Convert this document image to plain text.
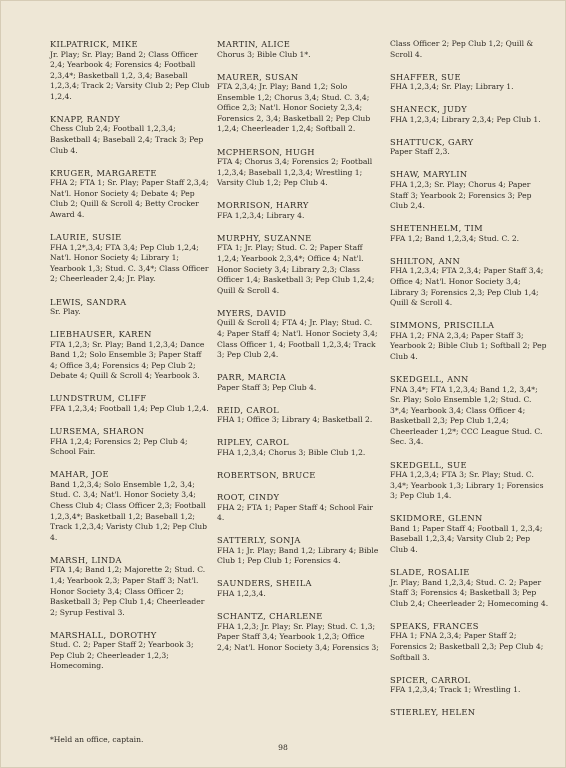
KILPATRICK, MIKE
Jr. Play; Sr. Play; Band 2; Class Officer 2,4; Yearbook 4; Forensics 4; Football 2,3,4*; Basketball 1,2, 3,4; Baseball 1,2,3,4; Track 2; Varsity Club 2; Pep Club 1,2,4.
KNAPP, RANDY
Chess Club 2,4; Football 1,2,3,4; Basketball 4; Baseball 2,4; Track 3; Pep Club 4.
KRUGER, MARGARETE
FHA 2; FTA 1; Sr. Play; Paper Staff 2,3,4; Nat'l. Honor Society 4; Debate 4; Pep Club 2; Quill & Scroll 4; Betty Crocker Award 4.
LAURIE, SUSIE
FHA 1,2*,3,4; FTA 3,4; Pep Club 1,2,4; Nat'l. Honor Society 4; Library 1; Yearbook 1,3; Stud. C. 3,4*; Class Officer 2; Cheerleader 2,4; Jr. Play.
LEWIS, SANDRA
Sr. Play.
LIEBHAUSER, KAREN
FTA 1,2,3; Sr. Play; Band 1,2,3,4; Dance Band 1,2; Solo Ensemble 3; Paper Staff 4; Office 3,4; Forensics 4; Pep Club 2; Debate 4; Quill & Scroll 4; Yearbook 3.
LUNDSTRUM, CLIFF
FFA 1,2,3,4; Football 1,4; Pep Club 1,2,4.
LURSEMA, SHARON
FHA 1,2,4; Forensics 2; Pep Club 4; School Fair.
MAHAR, JOE
Band 1,2,3,4; Solo Ensemble 1,2, 3,4; Stud. C. 3,4; Nat'l. Honor Society 3,4; Chess Club 4; Class Officer 2,3; Football 1,2,3,4*; Basketball 1,2; Baseball 1,2; Track 1,2,3,4; Varisty Club 1,2; Pep Club 4.
MARSH, LINDA
FTA 1,4; Band 1,2; Majorette 2; Stud. C. 1,4; Yearbook 2,3; Paper Staff 3; Nat'l. Honor Society 3,4; Class Officer 2; Basketball 3; Pep Club 1,4; Cheerleader 2; Syrup Festival 3.
MARSHALL, DOROTHY
Stud. C. 2; Paper Staff 2; Yearbook 3; Pep Club 2; Cheerleader 1,2,3; Homecoming.
MARTIN, ALICE
Chorus 3; Bible Club 1*.
MAURER, SUSAN
FTA 2,3,4; Jr. Play; Band 1,2; Solo Ensemble 1,2; Chorus 3,4; Stud. C. 3,4; Office 2,3; Nat'l. Honor Society 2,3,4; Forensics 2, 3,4; Basketball 2; Pep Club 1,2,4; Cheerleader 1,2,4; Softball 2.
MCPHERSON, HUGH
FTA 4; Chorus 3,4; Forensics 2; Football 1,2,3,4; Baseball 1,2,3,4; Wrestling 1; Varsity Club 1,2; Pep Club 4.
MORRISON, HARRY
FFA 1,2,3,4; Library 4.
MURPHY, SUZANNE
FTA 1; Jr. Play; Stud. C. 2; Paper Staff 1,2,4; Yearbook 2,3,4*; Office 4; Nat'l. Honor Society 3,4; Library 2,3; Class Officer 1,4; Basketball 3; Pep Club 1,2,4; Quill & Scroll 4.
MYERS, DAVID
Quill & Scroll 4; FTA 4; Jr. Play; Stud. C. 4; Paper Staff 4; Nat'l. Honor Society 3,4; Class Officer 1, 4; Football 1,2,3,4; Track 3; Pep Club 2,4.
PARR, MARCIA
Paper Staff 3; Pep Club 4.
REID, CAROL
FHA 1; Office 3; Library 4; Basketball 2.
RIPLEY, CAROL
FHA 1,2,3,4; Chorus 3; Bible Club 1,2.
ROBERTSON, BRUCE
ROOT, CINDY
FHA 2; FTA 1; Paper Staff 4; School Fair 4.
SATTERLY, SONJA
FHA 1; Jr. Play; Band 1,2; Library 4; Bible Club 1; Pep Club 1; Forensics 4.
SAUNDERS, SHEILA
FHA 1,2,3,4.
SCHANTZ, CHARLENE
FHA 1,2,3; Jr. Play; Sr. Play; Stud. C. 1,3; Paper Staff 3,4; Yearbook 1,2,3; Office 2,4; Nat'l. Honor Society 3,4; Forensics 3;
Class Officer 2; Pep Club 1,2; Quill & Scroll 4.
SHAFFER, SUE
FHA 1,2,3,4; Sr. Play; Library 1.
SHANECK, JUDY
FHA 1,2,3,4; Library 2,3,4; Pep Club 1.
SHATTUCK, GARY
Paper Staff 2,3.
SHAW, MARYLIN
FHA 1,2,3; Sr. Play; Chorus 4; Paper Staff 3; Yearbook 2; Forensics 3; Pep Club 2,4.
SHETENHELM, TIM
FFA 1,2; Band 1,2,3,4; Stud. C. 2.
SHILTON, ANN
FHA 1,2,3,4; FTA 2,3,4; Paper Staff 3,4; Office 4; Nat'l. Honor Society 3,4; Library 3; Forensics 2,3; Pep Club 1,4; Quill & Scroll 4.
SIMMONS, PRISCILLA
FHA 1,2; FNA 2,3,4; Paper Staff 3; Yearbook 2; Bible Club 1; Softball 2; Pep Club 4.
SKEDGELL, ANN
FNA 3,4*; FTA 1,2,3,4; Band 1,2, 3,4*; Sr. Play; Solo Ensemble 1,2; Stud. C. 3*,4; Yearbook 3,4; Class Officer 4; Basketball 2,3; Pep Club 1,2,4; Cheerleader 1,2*; CCC League Stud. C. Sec. 3,4.
SKEDGELL, SUE
FHA 1,2,3,4; FTA 3; Sr. Play; Stud. C. 3,4*; Yearbook 1,3; Library 1; Forensics 3; Pep Club 1,4.
SKIDMORE, GLENN
Band 1; Paper Staff 4; Football 1, 2,3,4; Baseball 1,2,3,4; Varsity Club 2; Pep Club 4.
SLADE, ROSALIE
Jr. Play; Band 1,2,3,4; Stud. C. 2; Paper Staff 3; Forensics 4; Basketball 3; Pep Club 2,4; Cheerleader 2; Homecoming 4.
SPEAKS, FRANCES
FHA 1; FNA 2,3,4; Paper Staff 2; Forensics 2; Basketball 2,3; Pep Club 4; Softball 3.
SPICER, CARROL
FFA 1,2,3,4; Track 1; Wrestling 1.
STIERLEY, HELEN
*Held an office, captain.
98
